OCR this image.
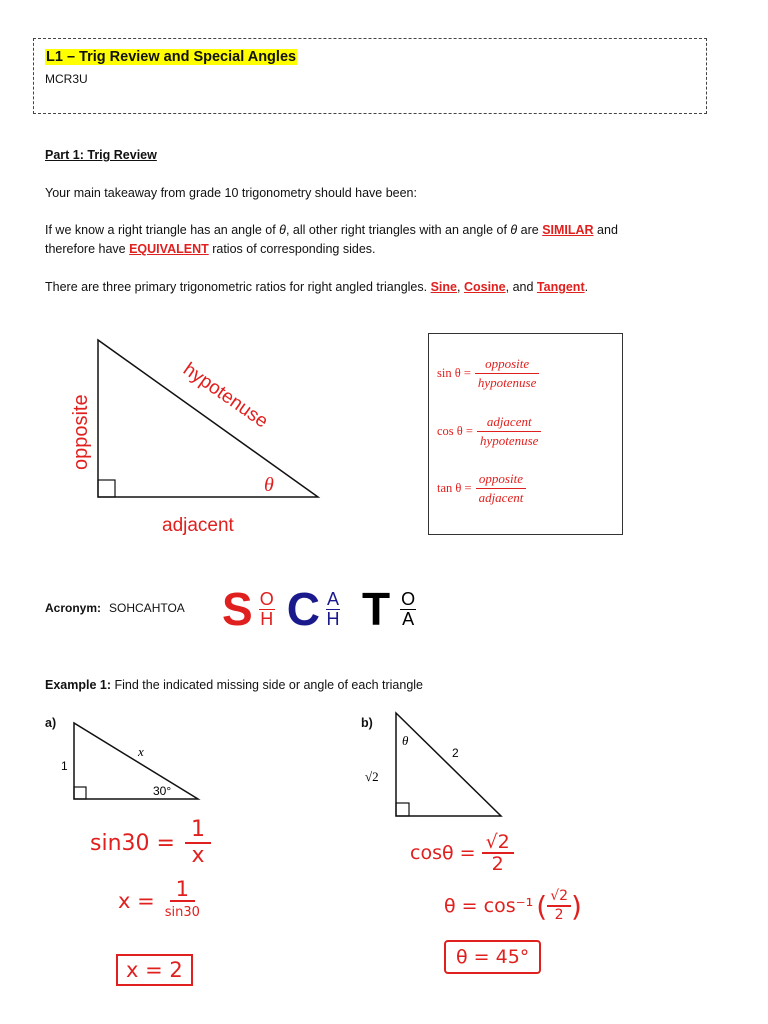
L1 – Trig Review and Special Angles
MCR3U
Part 1: Trig Review
Your main takeaway from grade 10 trigonometry should have been:
If we know a right triangle has an angle of θ, all other right triangles with an angle of θ are SIMILAR and
therefore have EQUIVALENT ratios of corresponding sides.
There are three primary trigonometric ratios for right angled triangles. Sine, Cosine, and Tangent.
hypotenuse
opposite
adjacent
θ
$\sin \theta = \frac{\text{opposite}}{\text{hypotenuse}}$
$\cos \theta = \frac{\text{adjacent}}{\text{hypotenuse}}$
$\tan \theta = \frac{\text{opposite}}{\text{adjacent}}$
Acronym: SOHCAHTOA S O
H C A
H T O
A
Example 1: Find the indicated missing side or angle of each triangle
a)
1
x
30°
$\sin 30 = \frac{1}{x}$
x = 1
sin30
x = 2
b)
θ
2
√2
$\cos\theta = \frac{√2}{2}$
θ = cos⁻¹ ( √2
2 )
θ = 45°
